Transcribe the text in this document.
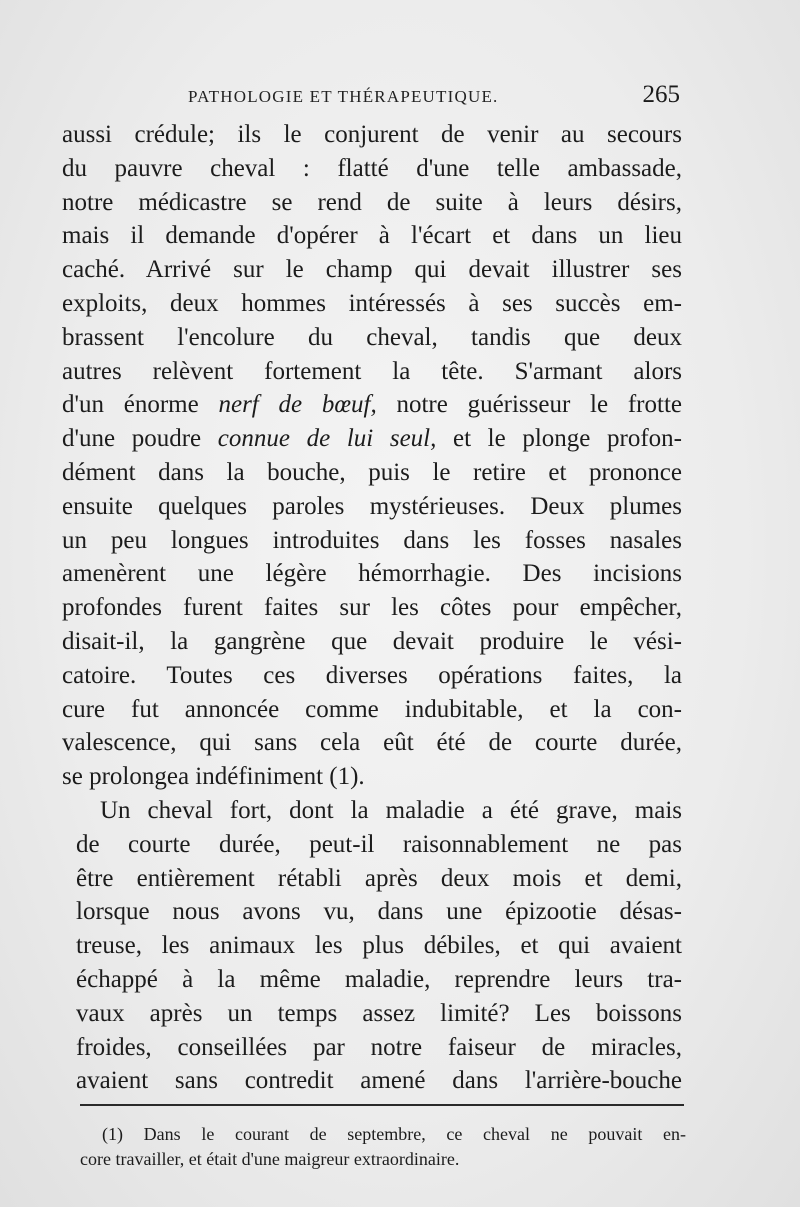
PATHOLOGIE ET THÉRAPEUTIQUE.	265
aussi crédule; ils le conjurent de venir au secours
du pauvre cheval : flatté d'une telle ambassade,
notre médicastre se rend de suite à leurs désirs,
mais il demande d'opérer à l'écart et dans un lieu
caché. Arrivé sur le champ qui devait illustrer ses
exploits, deux hommes intéressés à ses succès em-
brassent l'encolure du cheval, tandis que deux
autres relèvent fortement la tête. S'armant alors
d'un énorme nerf de bœuf, notre guérisseur le frotte
d'une poudre connue de lui seul, et le plonge profon-
dément dans la bouche, puis le retire et prononce
ensuite quelques paroles mystérieuses. Deux plumes
un peu longues introduites dans les fosses nasales
amenèrent une légère hémorrhagie. Des incisions
profondes furent faites sur les côtes pour empêcher,
disait-il, la gangrène que devait produire le vési-
catoire. Toutes ces diverses opérations faites, la
cure fut annoncée comme indubitable, et la con-
valescence, qui sans cela eût été de courte durée,
se prolongea indéfiniment (1).
Un cheval fort, dont la maladie a été grave, mais
de courte durée, peut-il raisonnablement ne pas
être entièrement rétabli après deux mois et demi,
lorsque nous avons vu, dans une épizootie désas-
treuse, les animaux les plus débiles, et qui avaient
échappé à la même maladie, reprendre leurs tra-
vaux après un temps assez limité? Les boissons
froides, conseillées par notre faiseur de miracles,
avaient sans contredit amené dans l'arrière-bouche
(1) Dans le courant de septembre, ce cheval ne pouvait en-
core travailler, et était d'une maigreur extraordinaire.
